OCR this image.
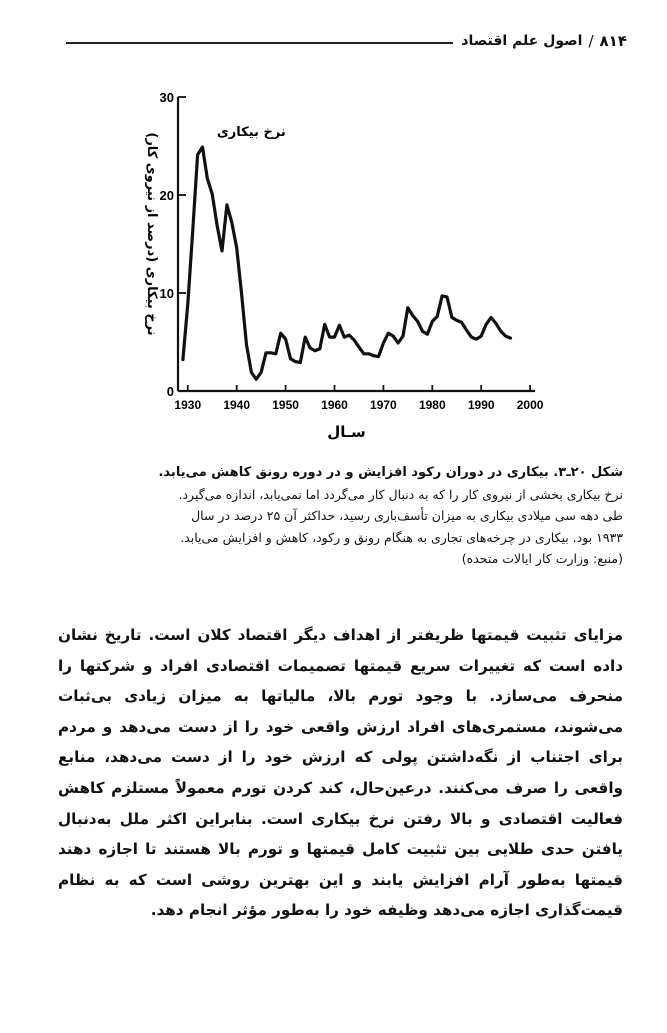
۸۱۴
/
اصول علم اقتصاد
0
10
20
30
1930 1940 1950 1960 1970 1980 1990 2000
سـال
نرخ بیکاری (درصد از نیروی کار)	نرخ بیکاری
شکل ۲۰ـ۳. بیکاری در دوران رکود افزایش و در دوره رونق کاهش می‌یابد.
نرخ بیکاری بخشی از نیروی کار را که به دنبال کار می‌گردد اما نمی‌یابد، اندازه می‌گیرد.
طی دهه سی میلادی بیکاری به میزان تأسف‌باری رسید، حداکثر آن ۲۵ درصد در سال
۱۹۳۳ بود. بیکاری در چرخه‌های تجاری به هنگام رونق و رکود، کاهش و افزایش می‌یابد.
(منبع: وزارت کار ایالات متحده)
مزایای تثبیت قیمتها ظریفتر از اهداف دیگر اقتصاد کلان است. تاریخ نشان داده است که تغییرات سریع قیمتها تصمیمات اقتصادی افراد و شرکتها را منحرف می‌سازد. با وجود تورم بالا، مالیاتها به میزان زیادی بی‌ثبات می‌شوند، مستمری‌های افراد ارزش واقعی خود را از دست می‌دهد و مردم برای اجتناب از نگه‌داشتن پولی که ارزش خود را از دست می‌دهد، منابع واقعی را صرف می‌کنند. درعین‌حال، کند کردن تورم معمولاً مستلزم کاهش فعالیت اقتصادی و بالا رفتن نرخ بیکاری است. بنابراین اکثر ملل به‌دنبال یافتن حدی طلایی بین تثبیت کامل قیمتها و تورم بالا هستند تا اجازه دهند قیمتها به‌طور آرام افزایش یابند و این بهترین روشی است که به نظام قیمت‌گذاری اجازه می‌دهد وظیفه خود را به‌طور مؤثر انجام دهد.
